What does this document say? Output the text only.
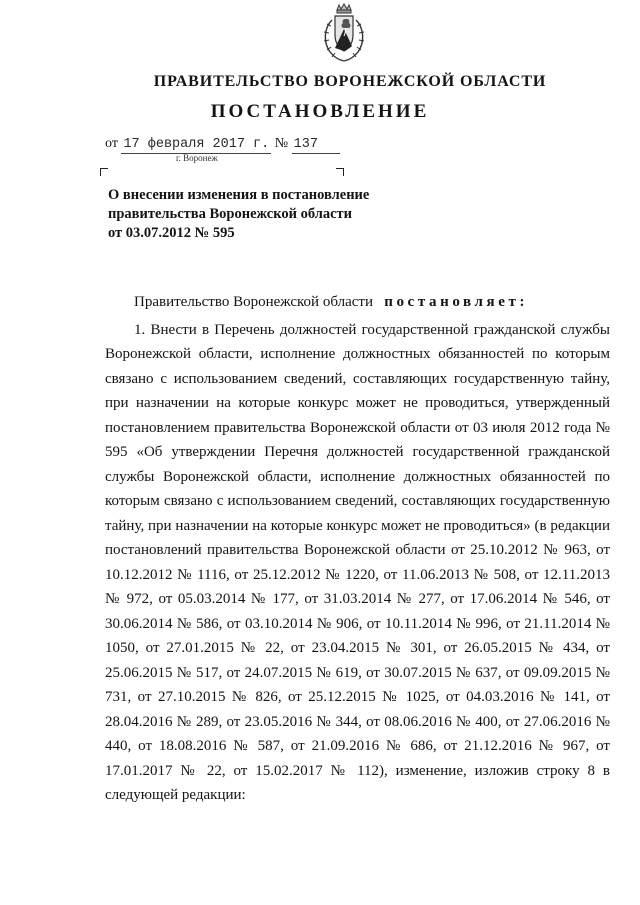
ПРАВИТЕЛЬСТВО ВОРОНЕЖСКОЙ ОБЛАСТИ
ПОСТАНОВЛЕНИЕ
от 17 февраля 2017 г. № 137
г. Воронеж
О внесении изменения в постановление
правительства Воронежской области
от 03.07.2012 № 595

Правительство Воронежской области постановляет:

1. Внести в Перечень должностей государственной гражданской службы Воронежской области, исполнение должностных обязанностей по которым связано с использованием сведений, составляющих государственную тайну, при назначении на которые конкурс может не проводиться, утвержденный постановлением правительства Воронежской области от 03 июля 2012 года № 595 «Об утверждении Перечня должностей государственной гражданской службы Воронежской области, исполнение должностных обязанностей по которым связано с использованием сведений, составляющих государственную тайну, при назначении на которые конкурс может не проводиться» (в редакции постановлений правительства Воронежской области от 25.10.2012 № 963, от 10.12.2012 № 1116, от 25.12.2012 № 1220, от 11.06.2013 № 508, от 12.11.2013 № 972, от 05.03.2014 № 177, от 31.03.2014 № 277, от 17.06.2014 № 546, от 30.06.2014 № 586, от 03.10.2014 № 906, от 10.11.2014 № 996, от 21.11.2014 № 1050, от 27.01.2015 № 22, от 23.04.2015 № 301, от 26.05.2015 № 434, от 25.06.2015 № 517, от 24.07.2015 № 619, от 30.07.2015 № 637, от 09.09.2015 № 731, от 27.10.2015 № 826, от 25.12.2015 № 1025, от 04.03.2016 № 141, от 28.04.2016 № 289, от 23.05.2016 № 344, от 08.06.2016 № 400, от 27.06.2016 № 440, от 18.08.2016 № 587, от 21.09.2016 № 686, от 21.12.2016 № 967, от 17.01.2017 № 22, от 15.02.2017 № 112), изменение, изложив строку 8 в следующей редакции:
